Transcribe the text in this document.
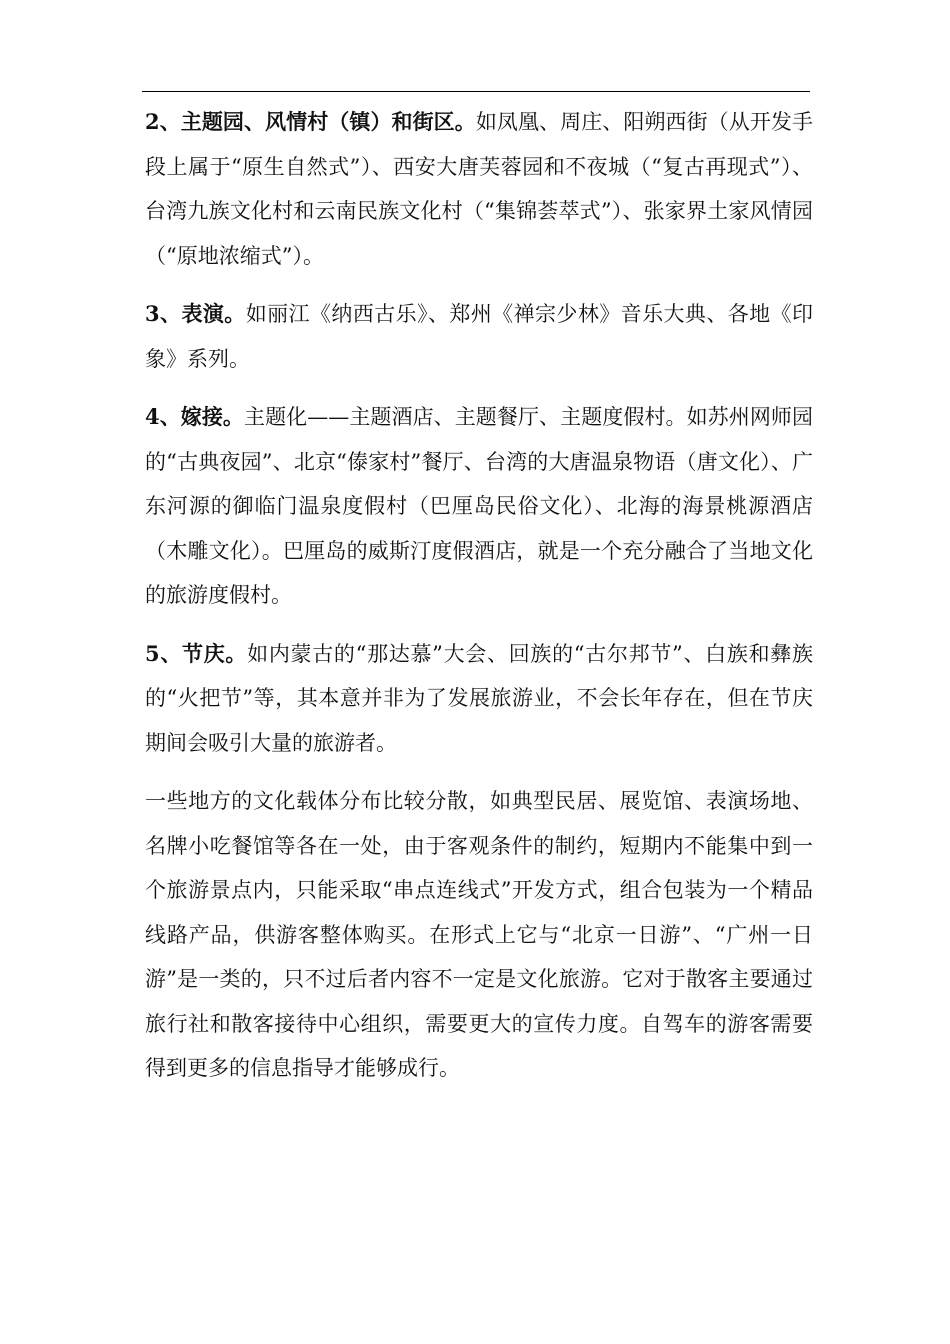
2、主题园、风情村（镇）和街区。如凤凰、周庄、阳朔西街（从开发手段上属于“原生自然式”）、西安大唐芙蓉园和不夜城（“复古再现式”）、台湾九族文化村和云南民族文化村（“集锦荟萃式”）、张家界土家风情园（“原地浓缩式”）。

3、表演。如丽江《纳西古乐》、郑州《禅宗少林》音乐大典、各地《印象》系列。

4、嫁接。主题化——主题酒店、主题餐厅、主题度假村。如苏州网师园的“古典夜园”、北京“傣家村”餐厅、台湾的大唐温泉物语（唐文化）、广东河源的御临门温泉度假村（巴厘岛民俗文化）、北海的海景桃源酒店（木雕文化）。巴厘岛的威斯汀度假酒店，就是一个充分融合了当地文化的旅游度假村。

5、节庆。如内蒙古的“那达慕”大会、回族的“古尔邦节”、白族和彝族的“火把节”等，其本意并非为了发展旅游业，不会长年存在，但在节庆期间会吸引大量的旅游者。

一些地方的文化载体分布比较分散，如典型民居、展览馆、表演场地、名牌小吃餐馆等各在一处，由于客观条件的制约，短期内不能集中到一个旅游景点内，只能采取“串点连线式”开发方式，组合包装为一个精品线路产品，供游客整体购买。在形式上它与“北京一日游”、“广州一日游”是一类的，只不过后者内容不一定是文化旅游。它对于散客主要通过旅行社和散客接待中心组织，需要更大的宣传力度。自驾车的游客需要得到更多的信息指导才能够成行。
